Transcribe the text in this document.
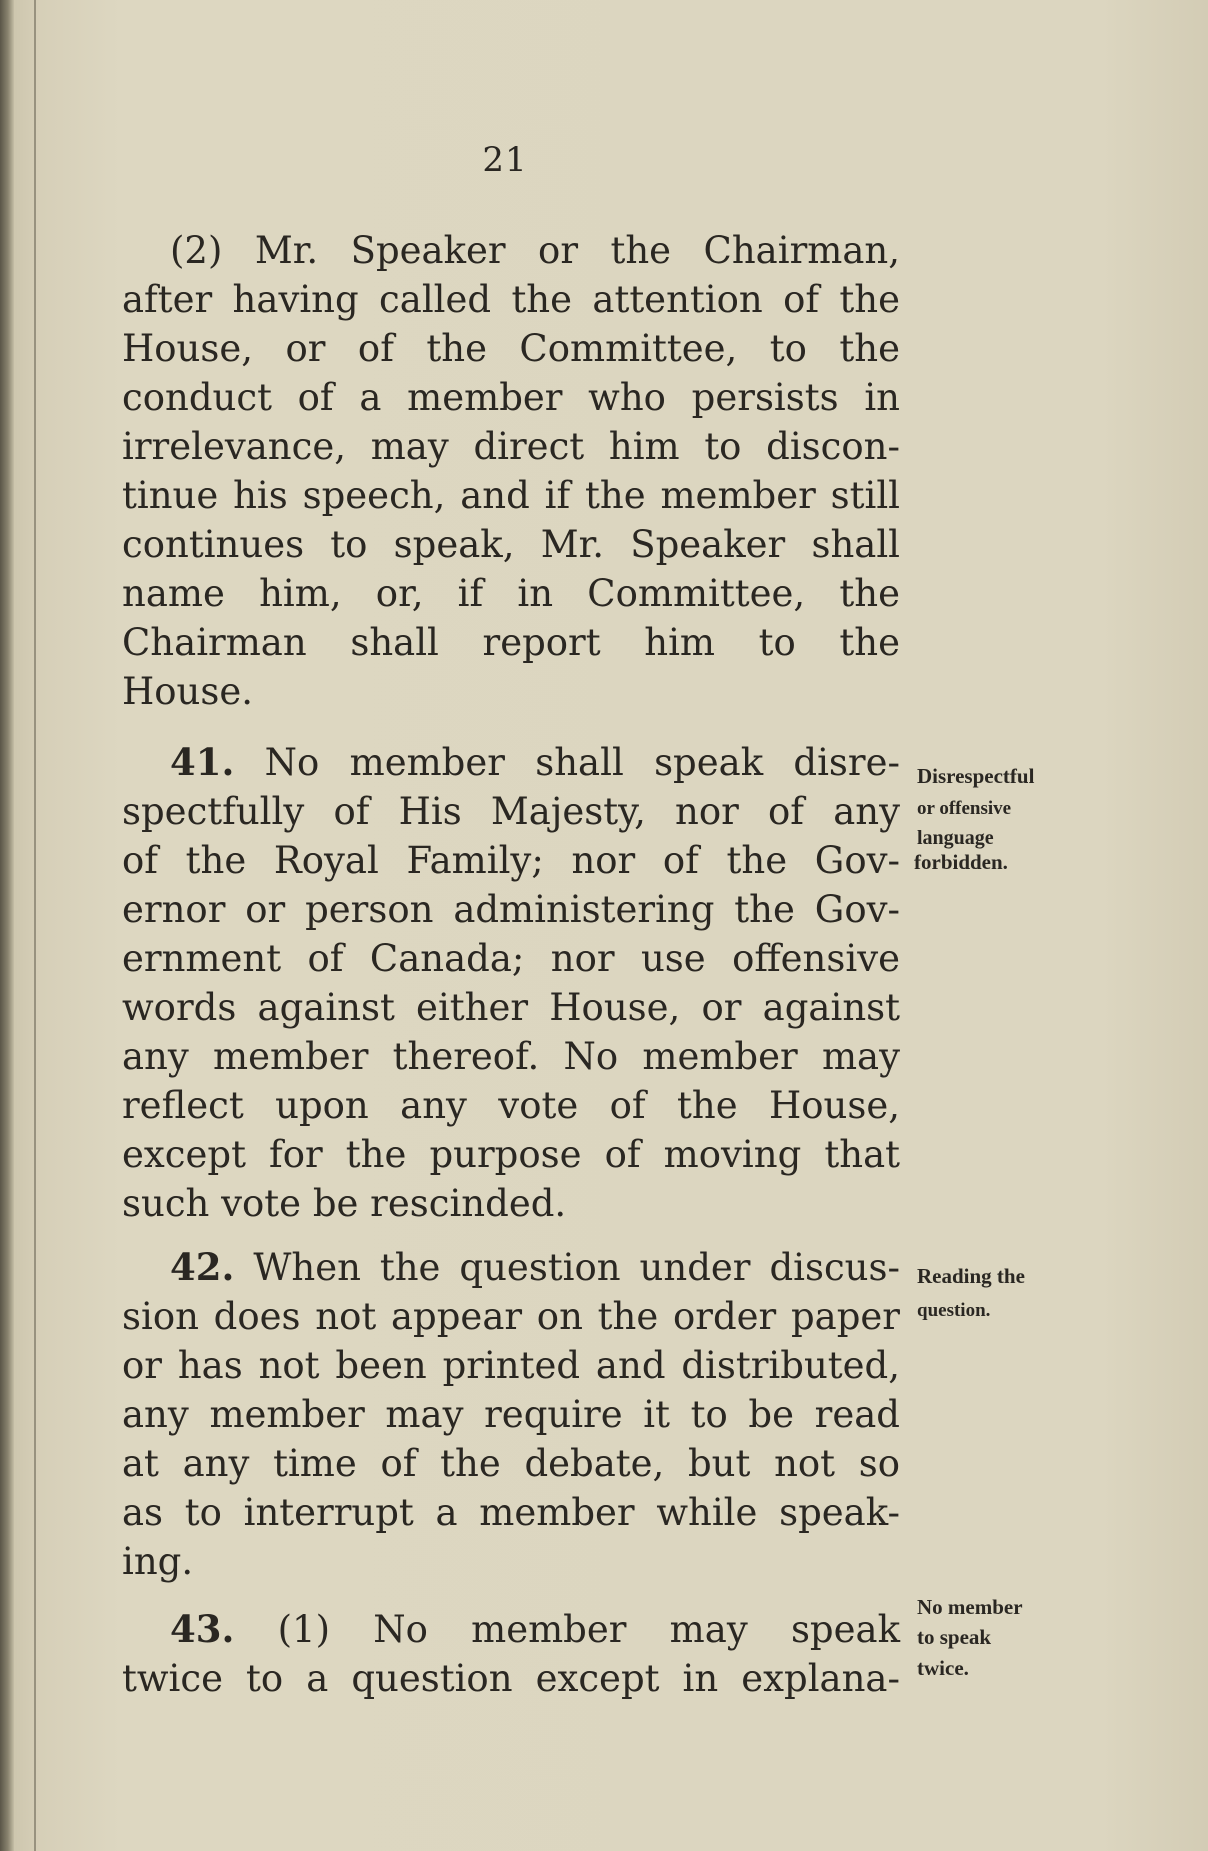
21
(2) Mr. Speaker or the Chairman,
after having called the attention of the
House, or of the Committee, to the
conduct of a member who persists in
irrelevance, may direct him to discon-
tinue his speech, and if the member still
continues to speak, Mr. Speaker shall
name him, or, if in Committee, the
Chairman shall report him to the
House.
41. No member shall speak disre-
spectfully of His Majesty, nor of any
of the Royal Family; nor of the Gov-
ernor or person administering the Gov-
ernment of Canada; nor use offensive
words against either House, or against
any member thereof. No member may
reflect upon any vote of the House,
except for the purpose of moving that
such vote be rescinded.
42. When the question under discus-
sion does not appear on the order paper
or has not been printed and distributed,
any member may require it to be read
at any time of the debate, but not so
as to interrupt a member while speak-
ing.
43. (1) No member may speak
twice to a question except in explana-
Disrespectful
or offensive
language
forbidden.
Reading the
question.
No member
to speak
twice.
